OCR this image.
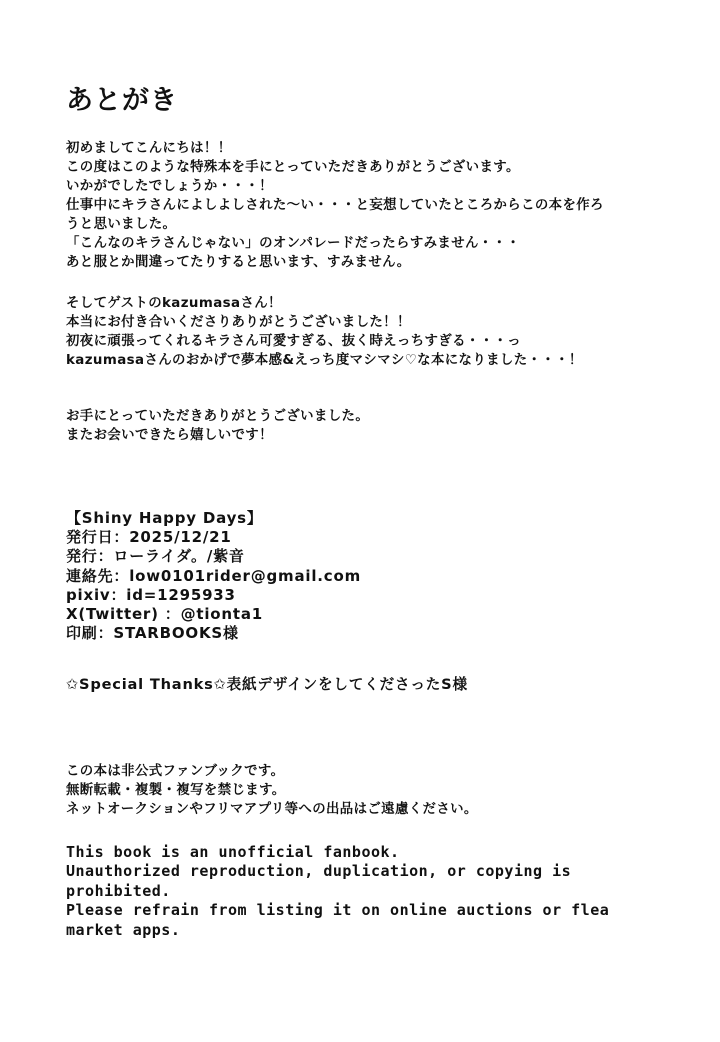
あとがき
初めましてこんにちは！！
この度はこのような特殊本を手にとっていただきありがとうございます。
いかがでしたでしょうか・・・！
仕事中にキラさんによしよしされた〜い・・・と妄想していたところからこの本を作ろ
うと思いました。
「こんなのキラさんじゃない」のオンパレードだったらすみません・・・
あと服とか間違ってたりすると思います、すみません。
そしてゲストのkazumasaさん！
本当にお付き合いくださりありがとうございました！！
初夜に頑張ってくれるキラさん可愛すぎる、抜く時えっちすぎる・・・っ
kazumasaさんのおかげで夢本感&えっち度マシマシ♡な本になりました・・・！
お手にとっていただきありがとうございました。
またお会いできたら嬉しいです！
【Shiny Happy Days】
発行日：2025/12/21
発行：ローライダ。/紫音
連絡先：low0101rider@gmail.com
pixiv：id=1295933
X(Twitter) ：@tionta1
印刷：STARBOOKS様
✩Special Thanks✩表紙デザインをしてくださったS様
この本は非公式ファンブックです。
無断転載・複製・複写を禁じます。
ネットオークションやフリマアプリ等への出品はご遠慮ください。
This book is an unofficial fanbook.
Unauthorized reproduction, duplication, or copying is
prohibited.
Please refrain from listing it on online auctions or flea
market apps.
